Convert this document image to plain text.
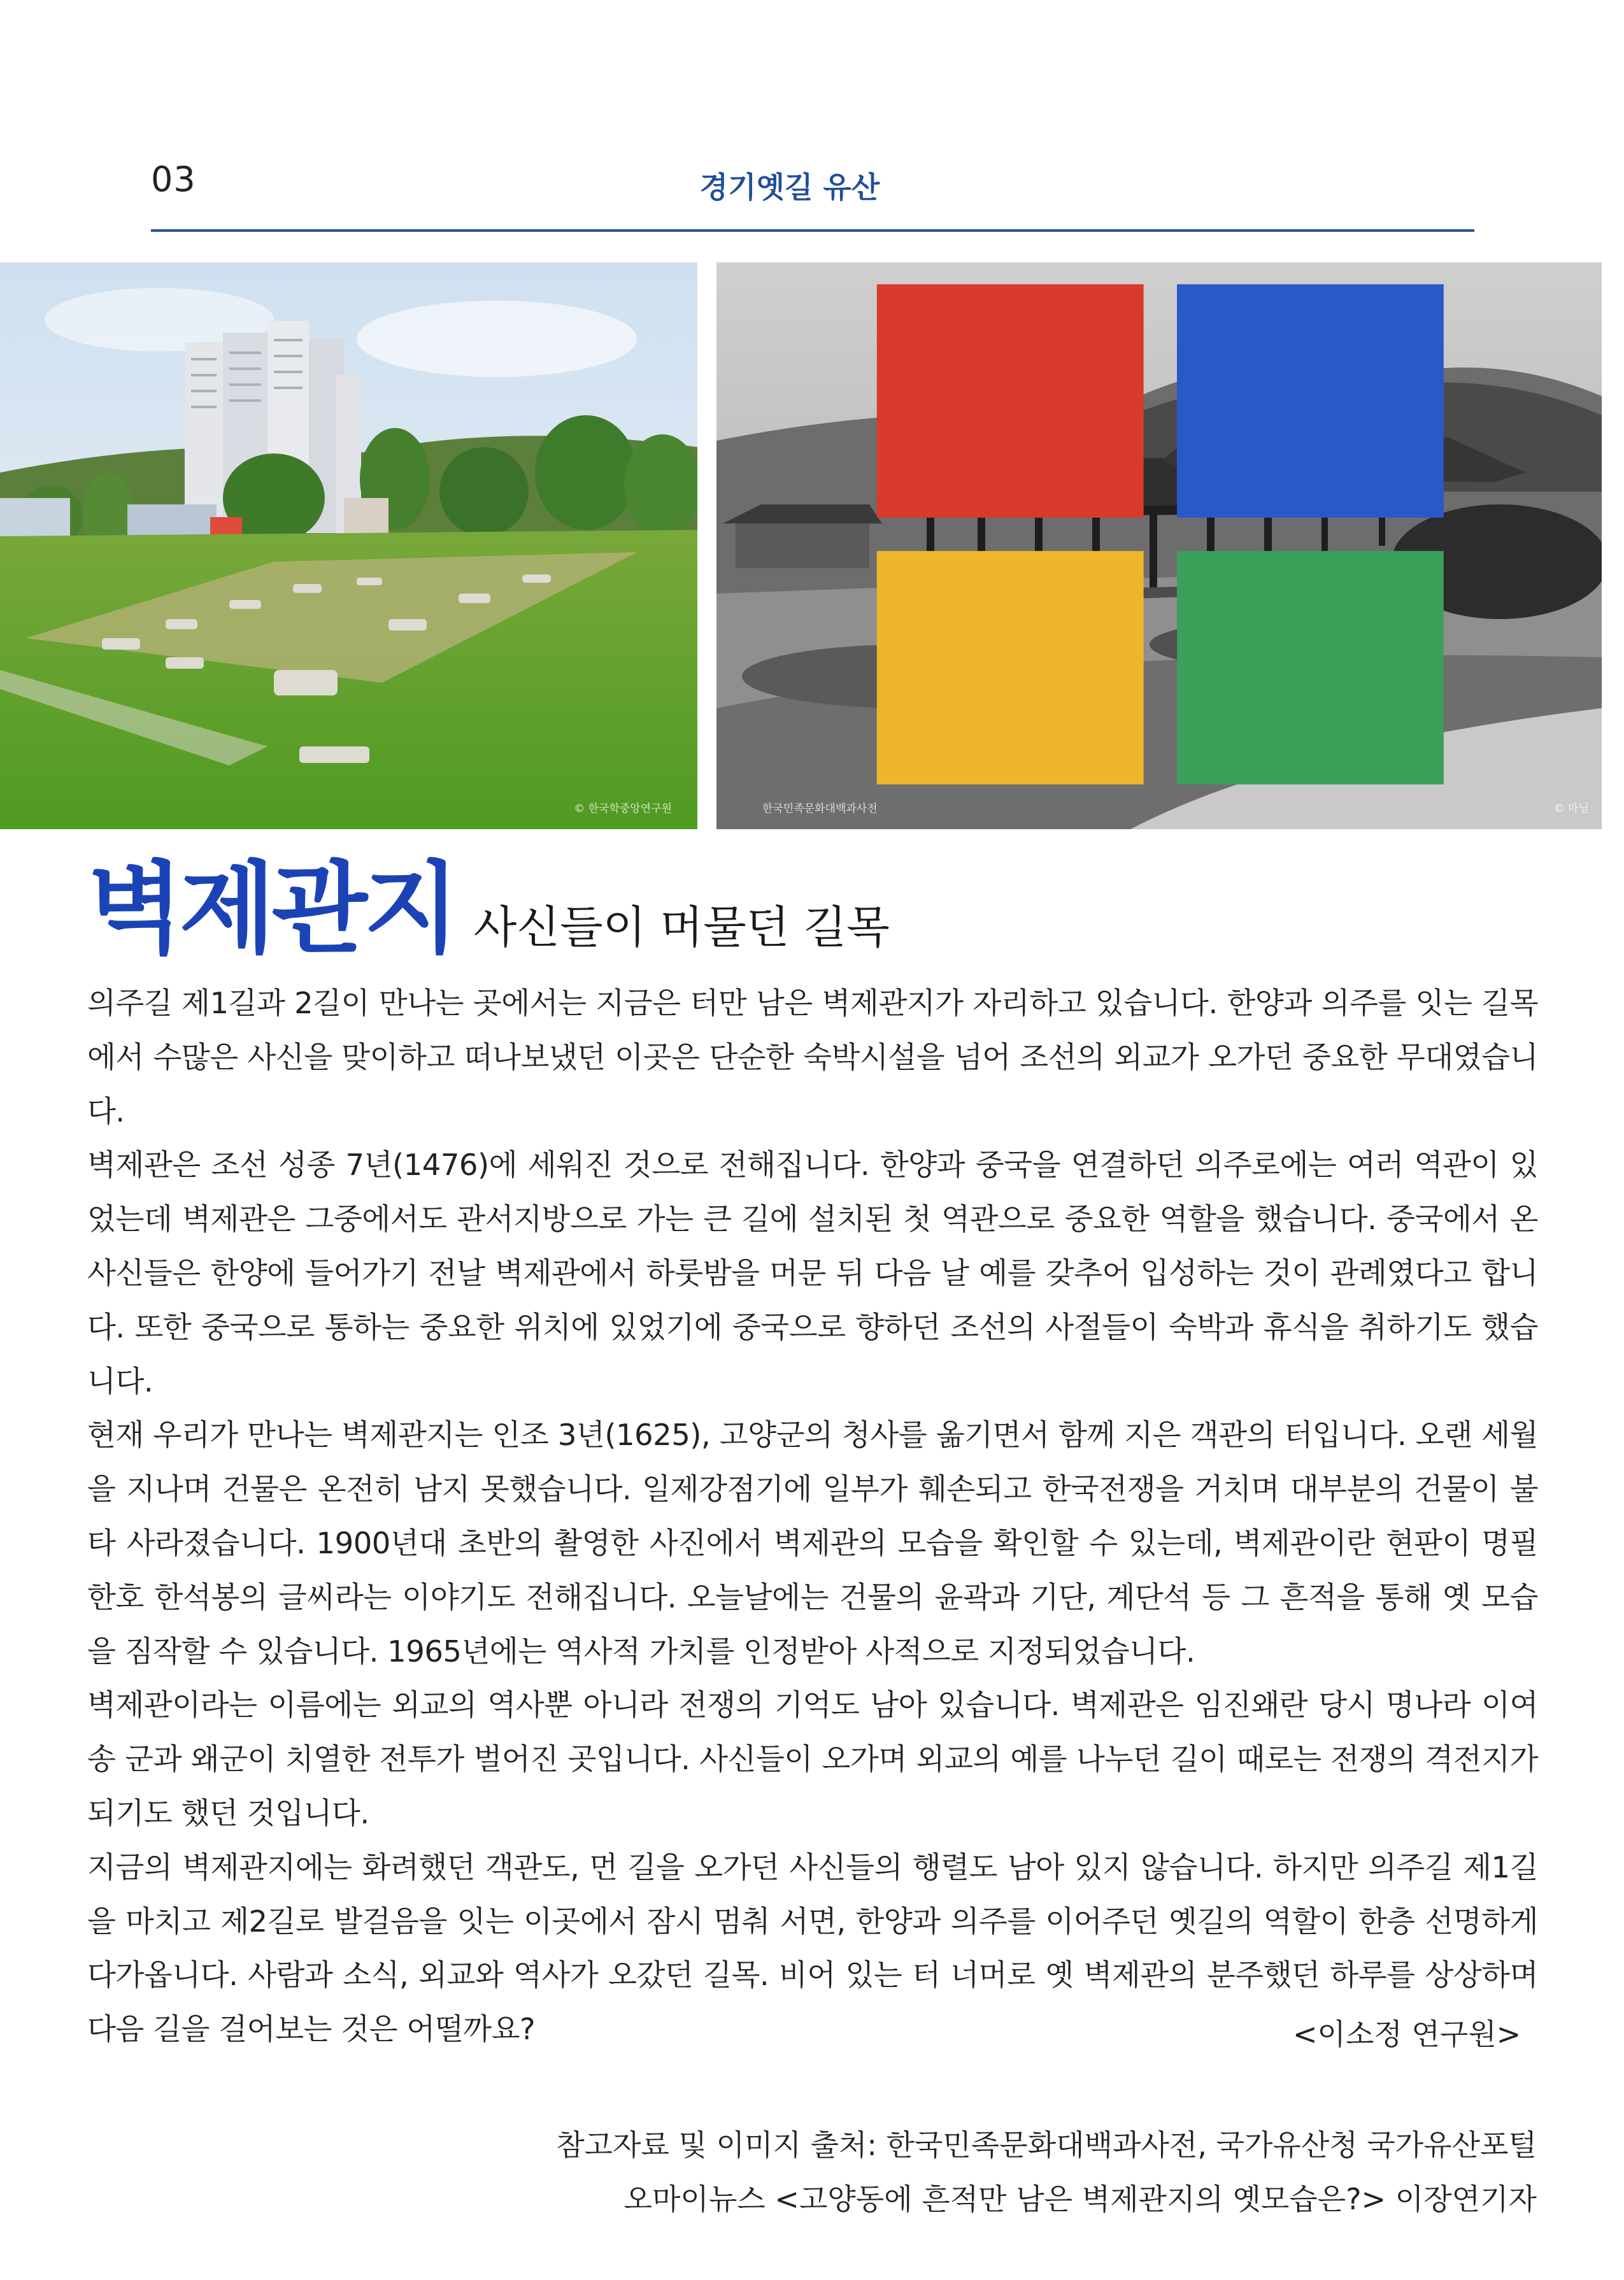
03	경기옛길 유산
© 한국학중앙연구원	한국민족문화대백과사전	© 마님
벽제관지 사신들이 머물던 길목

의주길 제1길과 2길이 만나는 곳에서는 지금은 터만 남은 벽제관지가 자리하고 있습니다. 한양과 의주를 잇는 길목에서 수많은 사신을 맞이하고 떠나보냈던 이곳은 단순한 숙박시설을 넘어 조선의 외교가 오가던 중요한 무대였습니다.

벽제관은 조선 성종 7년(1476)에 세워진 것으로 전해집니다. 한양과 중국을 연결하던 의주로에는 여러 역관이 있었는데 벽제관은 그중에서도 관서지방으로 가는 큰 길에 설치된 첫 역관으로 중요한 역할을 했습니다. 중국에서 온 사신들은 한양에 들어가기 전날 벽제관에서 하룻밤을 머문 뒤 다음 날 예를 갖추어 입성하는 것이 관례였다고 합니다. 또한 중국으로 통하는 중요한 위치에 있었기에 중국으로 향하던 조선의 사절들이 숙박과 휴식을 취하기도 했습니다.

현재 우리가 만나는 벽제관지는 인조 3년(1625), 고양군의 청사를 옮기면서 함께 지은 객관의 터입니다. 오랜 세월을 지나며 건물은 온전히 남지 못했습니다. 일제강점기에 일부가 훼손되고 한국전쟁을 거치며 대부분의 건물이 불타 사라졌습니다. 1900년대 초반의 촬영한 사진에서 벽제관의 모습을 확인할 수 있는데, 벽제관이란 현판이 명필 한호 한석봉의 글씨라는 이야기도 전해집니다. 오늘날에는 건물의 윤곽과 기단, 계단석 등 그 흔적을 통해 옛 모습을 짐작할 수 있습니다. 1965년에는 역사적 가치를 인정받아 사적으로 지정되었습니다.

벽제관이라는 이름에는 외교의 역사뿐 아니라 전쟁의 기억도 남아 있습니다. 벽제관은 임진왜란 당시 명나라 이여송 군과 왜군이 치열한 전투가 벌어진 곳입니다. 사신들이 오가며 외교의 예를 나누던 길이 때로는 전쟁의 격전지가 되기도 했던 것입니다.

지금의 벽제관지에는 화려했던 객관도, 먼 길을 오가던 사신들의 행렬도 남아 있지 않습니다. 하지만 의주길 제1길을 마치고 제2길로 발걸음을 잇는 이곳에서 잠시 멈춰 서면, 한양과 의주를 이어주던 옛길의 역할이 한층 선명하게 다가옵니다. 사람과 소식, 외교와 역사가 오갔던 길목. 비어 있는 터 너머로 옛 벽제관의 분주했던 하루를 상상하며 다음 길을 걸어보는 것은 어떨까요?	<이소정 연구원>
참고자료 및 이미지 출처: 한국민족문화대백과사전, 국가유산청 국가유산포털
오마이뉴스 <고양동에 흔적만 남은 벽제관지의 옛모습은?> 이장연기자
